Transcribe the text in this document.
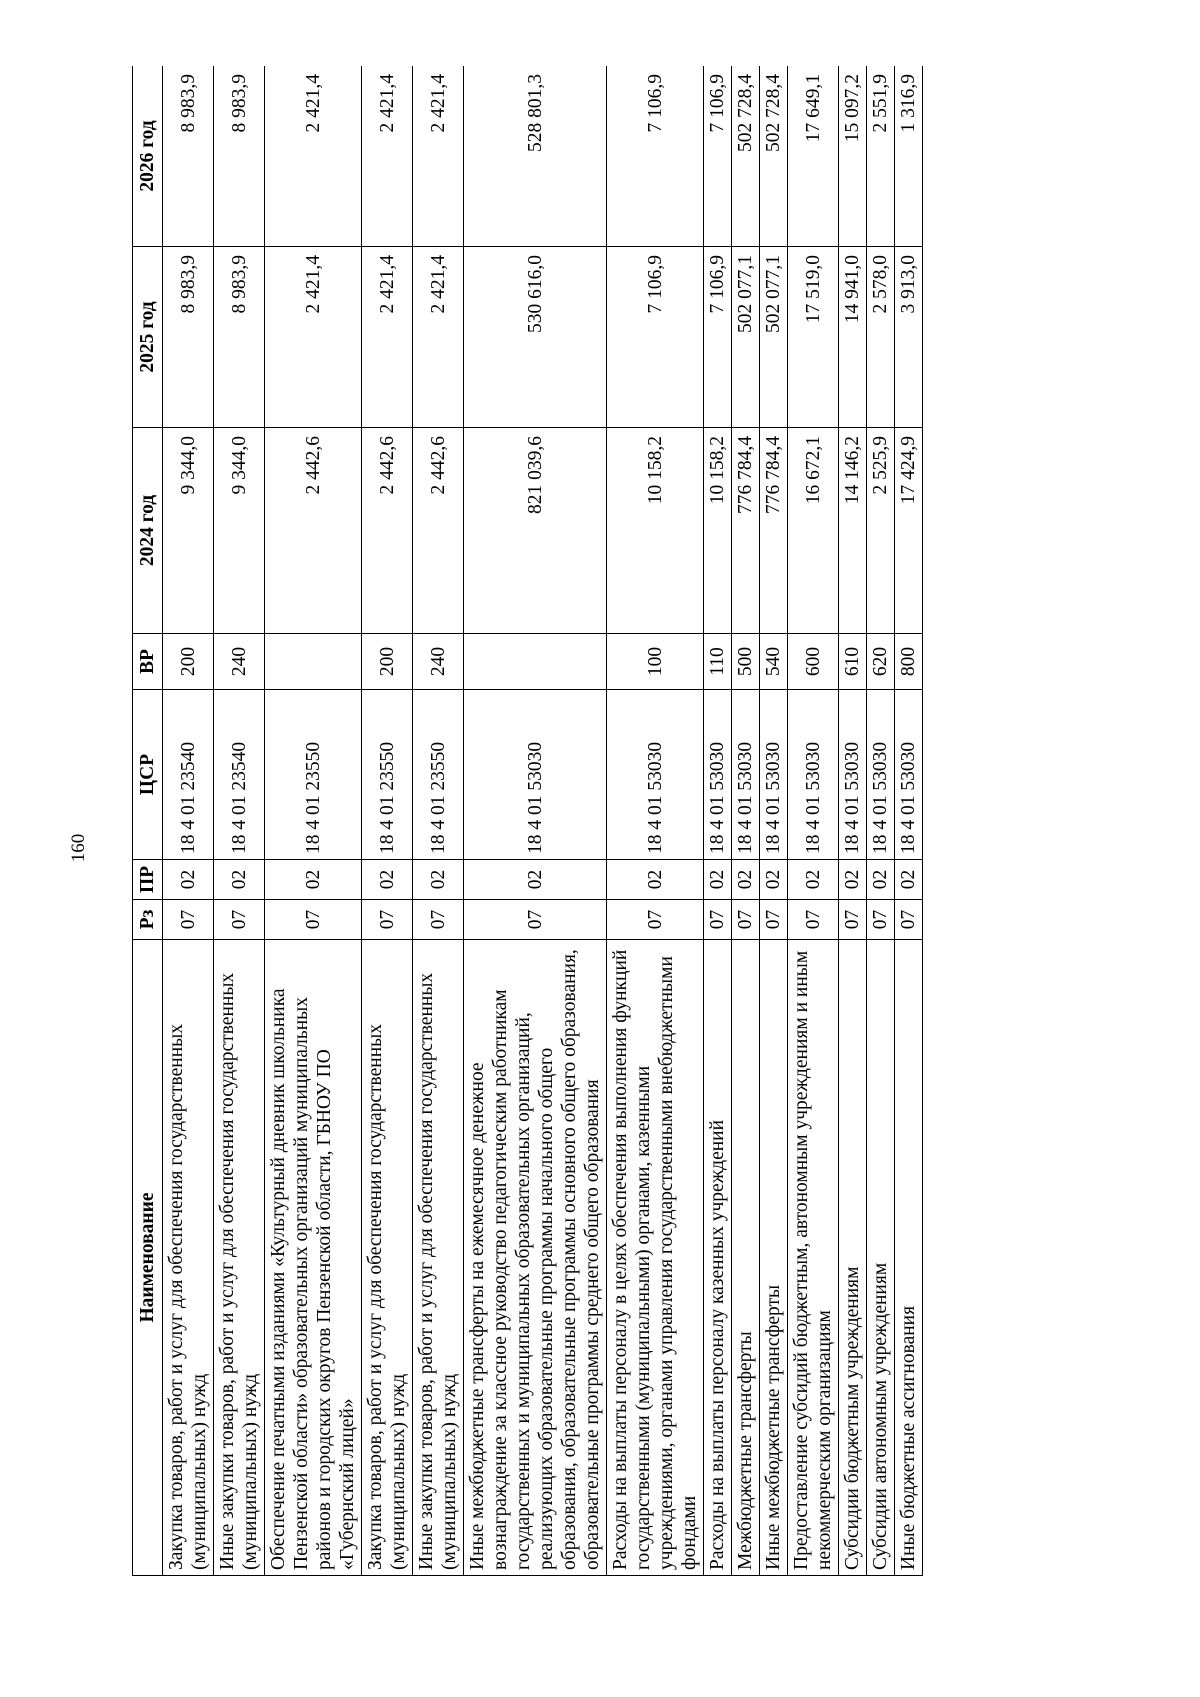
160
Наименование	Рз	ПР	ЦСР	ВР	2024 год	2025 год	2026 год
Закупка товаров, работ и услуг для обеспечения государственных (муниципальных) нужд	07	02	18 4 01 23540	200	9 344,0	8 983,9	8 983,9
Иные закупки товаров, работ и услуг для обеспечения государственных (муниципальных) нужд	07	02	18 4 01 23540	240	9 344,0	8 983,9	8 983,9
Обеспечение печатными изданиями «Культурный дневник школьника Пензенской области» образовательных организаций муниципальных районов и городских округов Пензенской области, ГБНОУ ПО «Губернский лицей»	07	02	18 4 01 23550		2 442,6	2 421,4	2 421,4
Закупка товаров, работ и услуг для обеспечения государственных (муниципальных) нужд	07	02	18 4 01 23550	200	2 442,6	2 421,4	2 421,4
Иные закупки товаров, работ и услуг для обеспечения государственных (муниципальных) нужд	07	02	18 4 01 23550	240	2 442,6	2 421,4	2 421,4
Иные межбюджетные трансферты на ежемесячное денежное вознаграждение за классное руководство педагогическим работникам государственных и муниципальных образовательных организаций, реализующих образовательные программы начального общего образования, образовательные программы основного общего образования, образовательные программы среднего общего образования	07	02	18 4 01 53030		821 039,6	530 616,0	528 801,3
Расходы на выплаты персоналу в целях обеспечения выполнения функций государственными (муниципальными) органами, казенными учреждениями, органами управления государственными внебюджетными фондами	07	02	18 4 01 53030	100	10 158,2	7 106,9	7 106,9
Расходы на выплаты персоналу казенных учреждений	07	02	18 4 01 53030	110	10 158,2	7 106,9	7 106,9
Межбюджетные трансферты	07	02	18 4 01 53030	500	776 784,4	502 077,1	502 728,4
Иные межбюджетные трансферты	07	02	18 4 01 53030	540	776 784,4	502 077,1	502 728,4
Предоставление субсидий бюджетным, автономным учреждениям и иным некоммерческим организациям	07	02	18 4 01 53030	600	16 672,1	17 519,0	17 649,1
Субсидии бюджетным учреждениям	07	02	18 4 01 53030	610	14 146,2	14 941,0	15 097,2
Субсидии автономным учреждениям	07	02	18 4 01 53030	620	2 525,9	2 578,0	2 551,9
Иные бюджетные ассигнования	07	02	18 4 01 53030	800	17 424,9	3 913,0	1 316,9
